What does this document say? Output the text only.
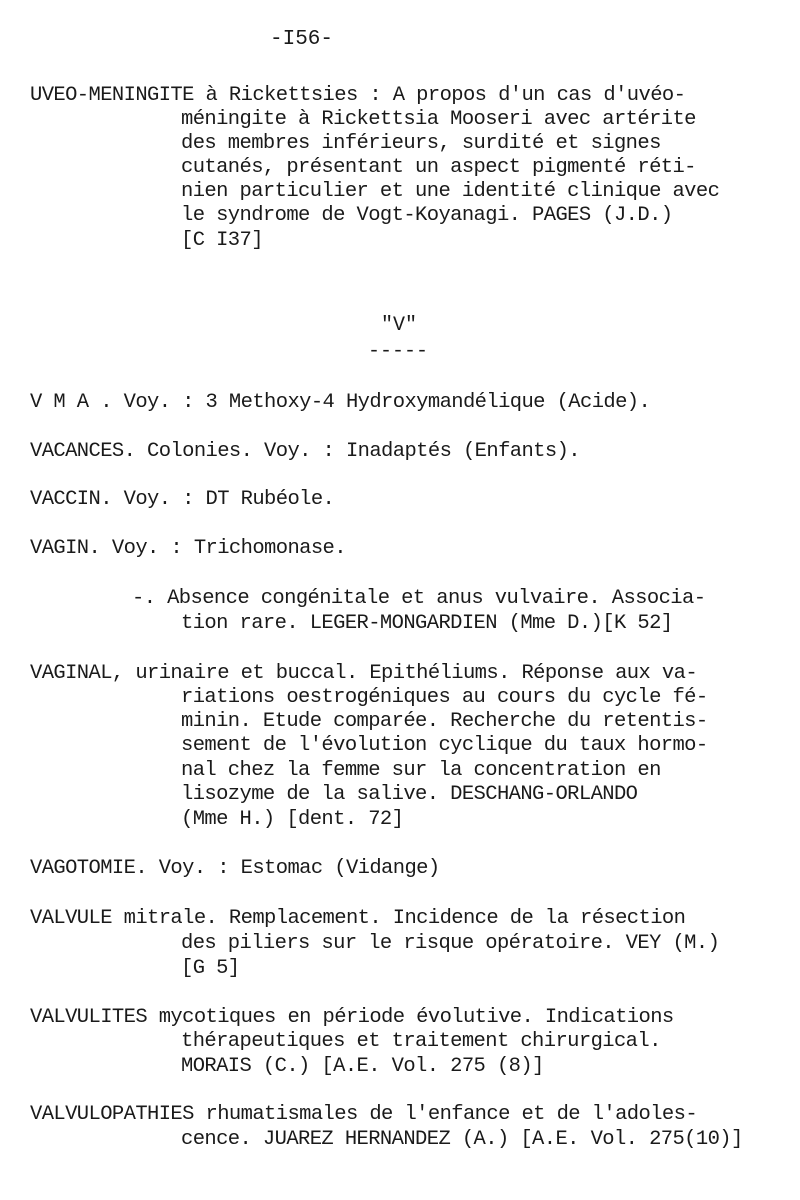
-I56-
UVEO-MENINGITE à Rickettsies : A propos d'un cas d'uvéo-
méningite à Rickettsia Mooseri avec artérite
des membres inférieurs, surdité et signes
cutanés, présentant un aspect pigmenté réti-
nien particulier et une identité clinique avec
le syndrome de Vogt-Koyanagi. PAGES (J.D.)
[C I37]
"V"
-----
V M A . Voy. : 3 Methoxy-4 Hydroxymandélique (Acide).
VACANCES. Colonies. Voy. : Inadaptés (Enfants).
VACCIN. Voy. : DT Rubéole.
VAGIN. Voy. : Trichomonase.
-. Absence congénitale et anus vulvaire. Associa-
tion rare. LEGER-MONGARDIEN (Mme D.)[K 52]
VAGINAL, urinaire et buccal. Epithéliums. Réponse aux va-
riations oestrogéniques au cours du cycle fé-
minin. Etude comparée. Recherche du retentis-
sement de l'évolution cyclique du taux hormo-
nal chez la femme sur la concentration en
lisozyme de la salive. DESCHANG-ORLANDO
(Mme H.) [dent. 72]
VAGOTOMIE. Voy. : Estomac (Vidange)
VALVULE mitrale. Remplacement. Incidence de la résection
des piliers sur le risque opératoire. VEY (M.)
[G 5]
VALVULITES mycotiques en période évolutive. Indications
thérapeutiques et traitement chirurgical.
MORAIS (C.) [A.E. Vol. 275 (8)]
VALVULOPATHIES rhumatismales de l'enfance et de l'adoles-
cence. JUAREZ HERNANDEZ (A.) [A.E. Vol. 275(10)]
